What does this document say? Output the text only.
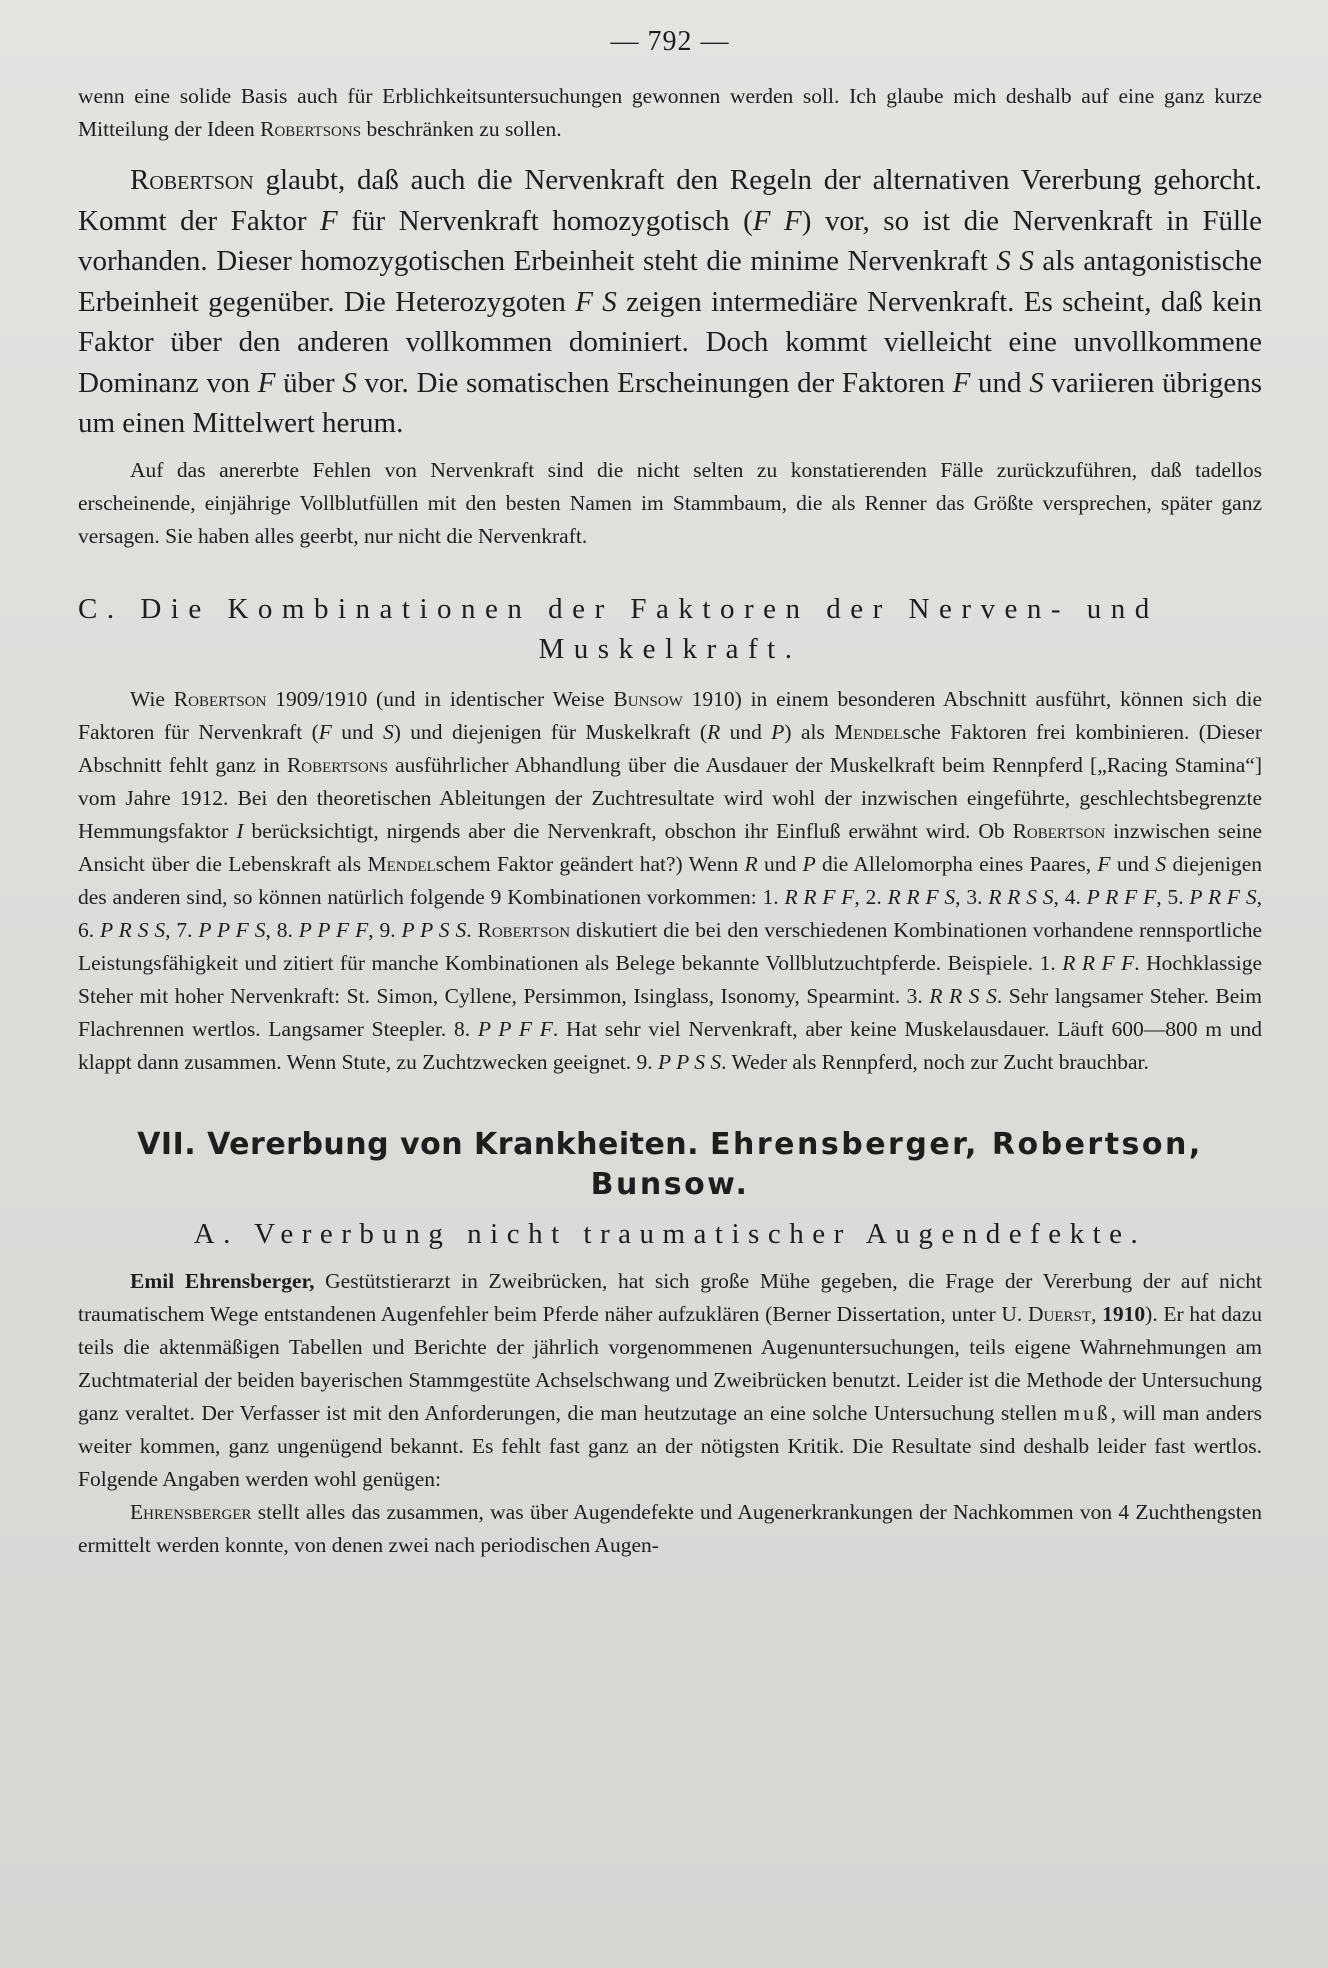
— 792 —

wenn eine solide Basis auch für Erblichkeitsuntersuchungen gewonnen werden soll. Ich glaube mich deshalb auf eine ganz kurze Mitteilung der Ideen Robertsons beschränken zu sollen.

Robertson glaubt, daß auch die Nervenkraft den Regeln der alternativen Vererbung gehorcht. Kommt der Faktor F für Nervenkraft homozygotisch (F F) vor, so ist die Nervenkraft in Fülle vorhanden. Dieser homozygotischen Erbeinheit steht die minime Nervenkraft S S als antagonistische Erbeinheit gegenüber. Die Heterozygoten F S zeigen intermediäre Nervenkraft. Es scheint, daß kein Faktor über den anderen vollkommen dominiert. Doch kommt vielleicht eine unvollkommene Dominanz von F über S vor. Die somatischen Erscheinungen der Faktoren F und S variieren übrigens um einen Mittelwert herum.

Auf das anererbte Fehlen von Nervenkraft sind die nicht selten zu konstatierenden Fälle zurückzuführen, daß tadellos erscheinende, einjährige Vollblutfüllen mit den besten Namen im Stammbaum, die als Renner das Größte versprechen, später ganz versagen. Sie haben alles geerbt, nur nicht die Nervenkraft.

C. Die Kombinationen der Faktoren der Nerven- und
Muskelkraft.

Wie Robertson 1909/1910 (und in identischer Weise Bunsow 1910) in einem besonderen Abschnitt ausführt, können sich die Faktoren für Nervenkraft (F und S) und diejenigen für Muskelkraft (R und P) als Mendelsche Faktoren frei kombinieren. (Dieser Abschnitt fehlt ganz in Robertsons ausführlicher Abhandlung über die Ausdauer der Muskelkraft beim Rennpferd [„Racing Stamina“] vom Jahre 1912. Bei den theoretischen Ableitungen der Zuchtresultate wird wohl der inzwischen eingeführte, geschlechtsbegrenzte Hemmungsfaktor I berücksichtigt, nirgends aber die Nervenkraft, obschon ihr Einfluß erwähnt wird. Ob Robertson inzwischen seine Ansicht über die Lebenskraft als Mendelschem Faktor geändert hat?) Wenn R und P die Allelomorpha eines Paares, F und S diejenigen des anderen sind, so können natürlich folgende 9 Kombinationen vorkommen: 1. R R F F, 2. R R F S, 3. R R S S, 4. P R F F, 5. P R F S, 6. P R S S, 7. P P F S, 8. P P F F, 9. P P S S. Robertson diskutiert die bei den verschiedenen Kombinationen vorhandene rennsportliche Leistungsfähigkeit und zitiert für manche Kombinationen als Belege bekannte Vollblutzuchtpferde. Beispiele. 1. R R F F. Hochklassige Steher mit hoher Nervenkraft: St. Simon, Cyllene, Persimmon, Isinglass, Isonomy, Spearmint. 3. R R S S. Sehr langsamer Steher. Beim Flachrennen wertlos. Langsamer Steepler. 8. P P F F. Hat sehr viel Nervenkraft, aber keine Muskelausdauer. Läuft 600—800 m und klappt dann zusammen. Wenn Stute, zu Zuchtzwecken geeignet. 9. P P S S. Weder als Rennpferd, noch zur Zucht brauchbar.

VII. Vererbung von Krankheiten. Ehrensberger, Robertson,
Bunsow.
A. Vererbung nicht traumatischer Augendefekte.

Emil Ehrensberger, Gestütstierarzt in Zweibrücken, hat sich große Mühe gegeben, die Frage der Vererbung der auf nicht traumatischem Wege entstandenen Augenfehler beim Pferde näher aufzuklären (Berner Dissertation, unter U. Duerst, 1910). Er hat dazu teils die aktenmäßigen Tabellen und Berichte der jährlich vorgenommenen Augenuntersuchungen, teils eigene Wahrnehmungen am Zuchtmaterial der beiden bayerischen Stammgestüte Achselschwang und Zweibrücken benutzt. Leider ist die Methode der Untersuchung ganz veraltet. Der Verfasser ist mit den Anforderungen, die man heutzutage an eine solche Untersuchung stellen muß, will man anders weiter kommen, ganz ungenügend bekannt. Es fehlt fast ganz an der nötigsten Kritik. Die Resultate sind deshalb leider fast wertlos. Folgende Angaben werden wohl genügen:

Ehrensberger stellt alles das zusammen, was über Augendefekte und Augenerkrankungen der Nachkommen von 4 Zuchthengsten ermittelt werden konnte, von denen zwei nach periodischen Augen-
